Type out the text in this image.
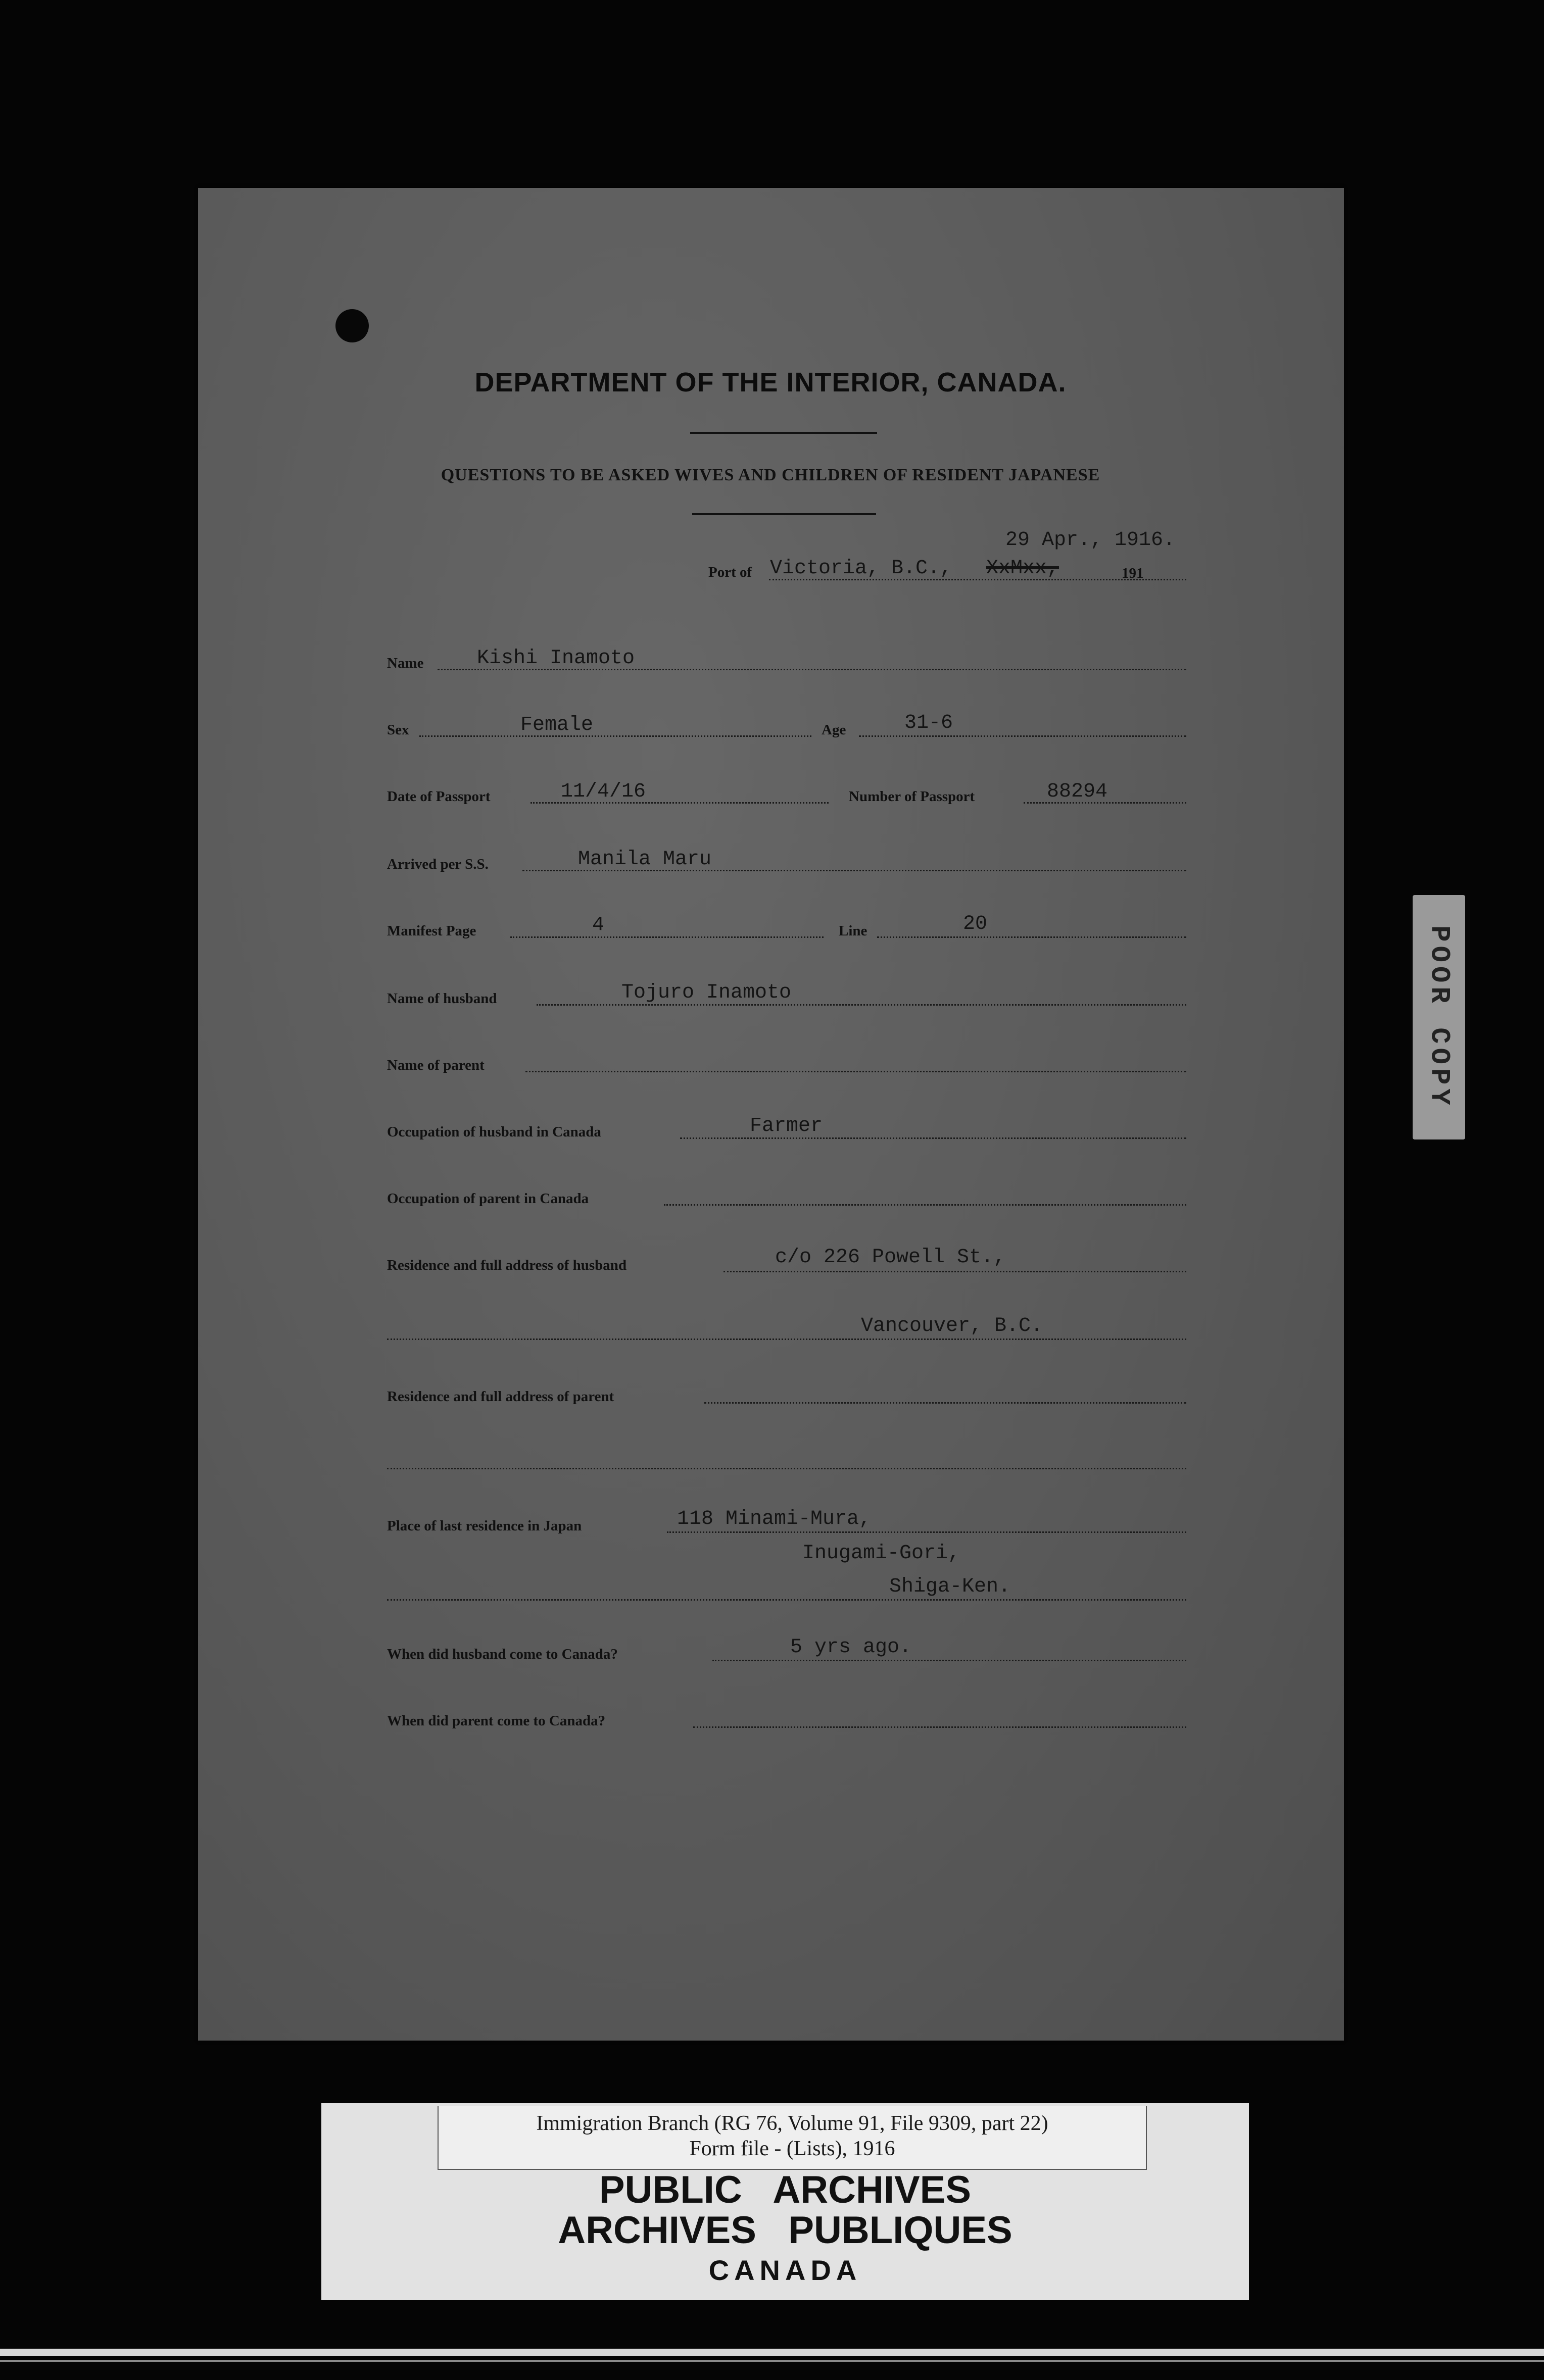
DEPARTMENT OF THE INTERIOR, CANADA.
QUESTIONS TO BE ASKED WIVES AND CHILDREN OF RESIDENT JAPANESE
29 Apr., 1916.
Port of Victoria, B.C., XxMxx,	191
Name	Kishi Inamoto
Sex	Female	Age	31-6
Date of Passport	11/4/16	Number of Passport	88294
Arrived per S.S.	Manila Maru
Manifest Page	4	Line	20
Name of husband	Tojuro Inamoto
Name of parent
Occupation of husband in Canada	Farmer
Occupation of parent in Canada
Residence and full address of husband	c/o 226 Powell St.,
Vancouver, B.C.
Residence and full address of parent
Place of last residence in Japan	118 Minami-Mura,
Inugami-Gori,
Shiga-Ken.
When did husband come to Canada?	5 yrs ago.
When did parent come to Canada?
POOR COPY
Immigration Branch (RG 76, Volume 91, File 9309, part 22)
Form file - (Lists), 1916
PUBLIC   ARCHIVES
ARCHIVES   PUBLIQUES
CANADA
